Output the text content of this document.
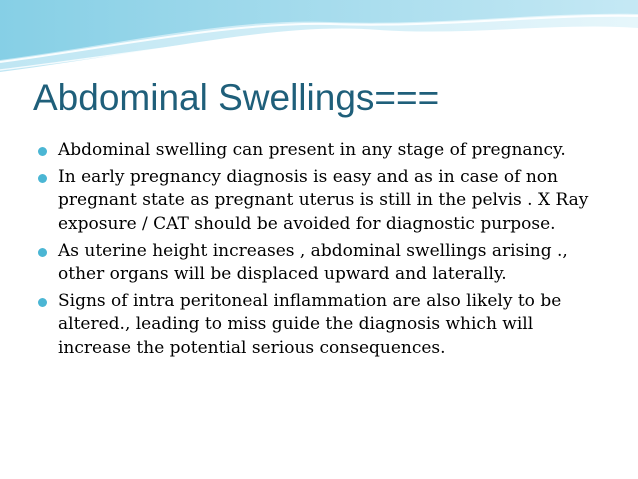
Abdominal Swellings===
Abdominal swelling can present in any stage of pregnancy.
In early pregnancy diagnosis is easy and as in case of non pregnant state as pregnant uterus is still in the pelvis . X Ray exposure / CAT should be avoided for diagnostic purpose.
As uterine height increases , abdominal swellings arising ., other organs will be displaced upward and laterally.
Signs of intra peritoneal inflammation are also likely to be altered., leading to miss guide the diagnosis which will increase the potential serious consequences.
